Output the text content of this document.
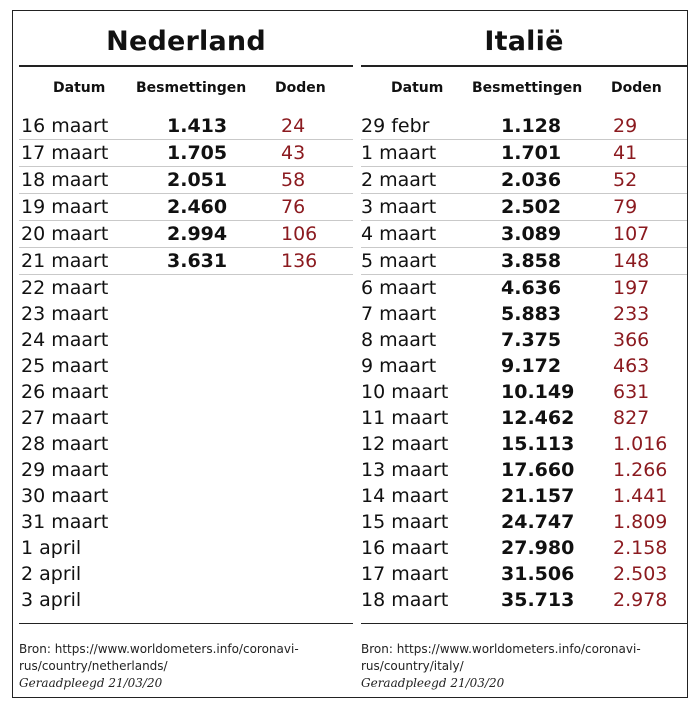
Nederland
Datum Besmettingen Doden
16 maart	1.413	24
17 maart	1.705	43
18 maart	2.051	58
19 maart	2.460	76
20 maart	2.994	106
21 maart	3.631	136
22 maart
23 maart
24 maart
25 maart
26 maart
27 maart
28 maart
29 maart
30 maart
31 maart
1 april
2 april
3 april
Italië
Datum Besmettingen Doden
29 febr	1.128	29
1 maart	1.701	41
2 maart	2.036	52
3 maart	2.502	79
4 maart	3.089	107
5 maart	3.858	148
6 maart	4.636	197
7 maart	5.883	233
8 maart	7.375	366
9 maart	9.172	463
10 maart	10.149 631
11 maart	12.462 827
12 maart	15.113 1.016
13 maart	17.660 1.266
14 maart	21.157 1.441
15 maart	24.747 1.809
16 maart	27.980 2.158
17 maart	31.506 2.503
18 maart	35.713 2.978
Bron: https://www.worldometers.info/coronavi-
rus/country/netherlands/
Geraadpleegd 21/03/20
Bron: https://www.worldometers.info/coronavi-
rus/country/italy/
Geraadpleegd 21/03/20
